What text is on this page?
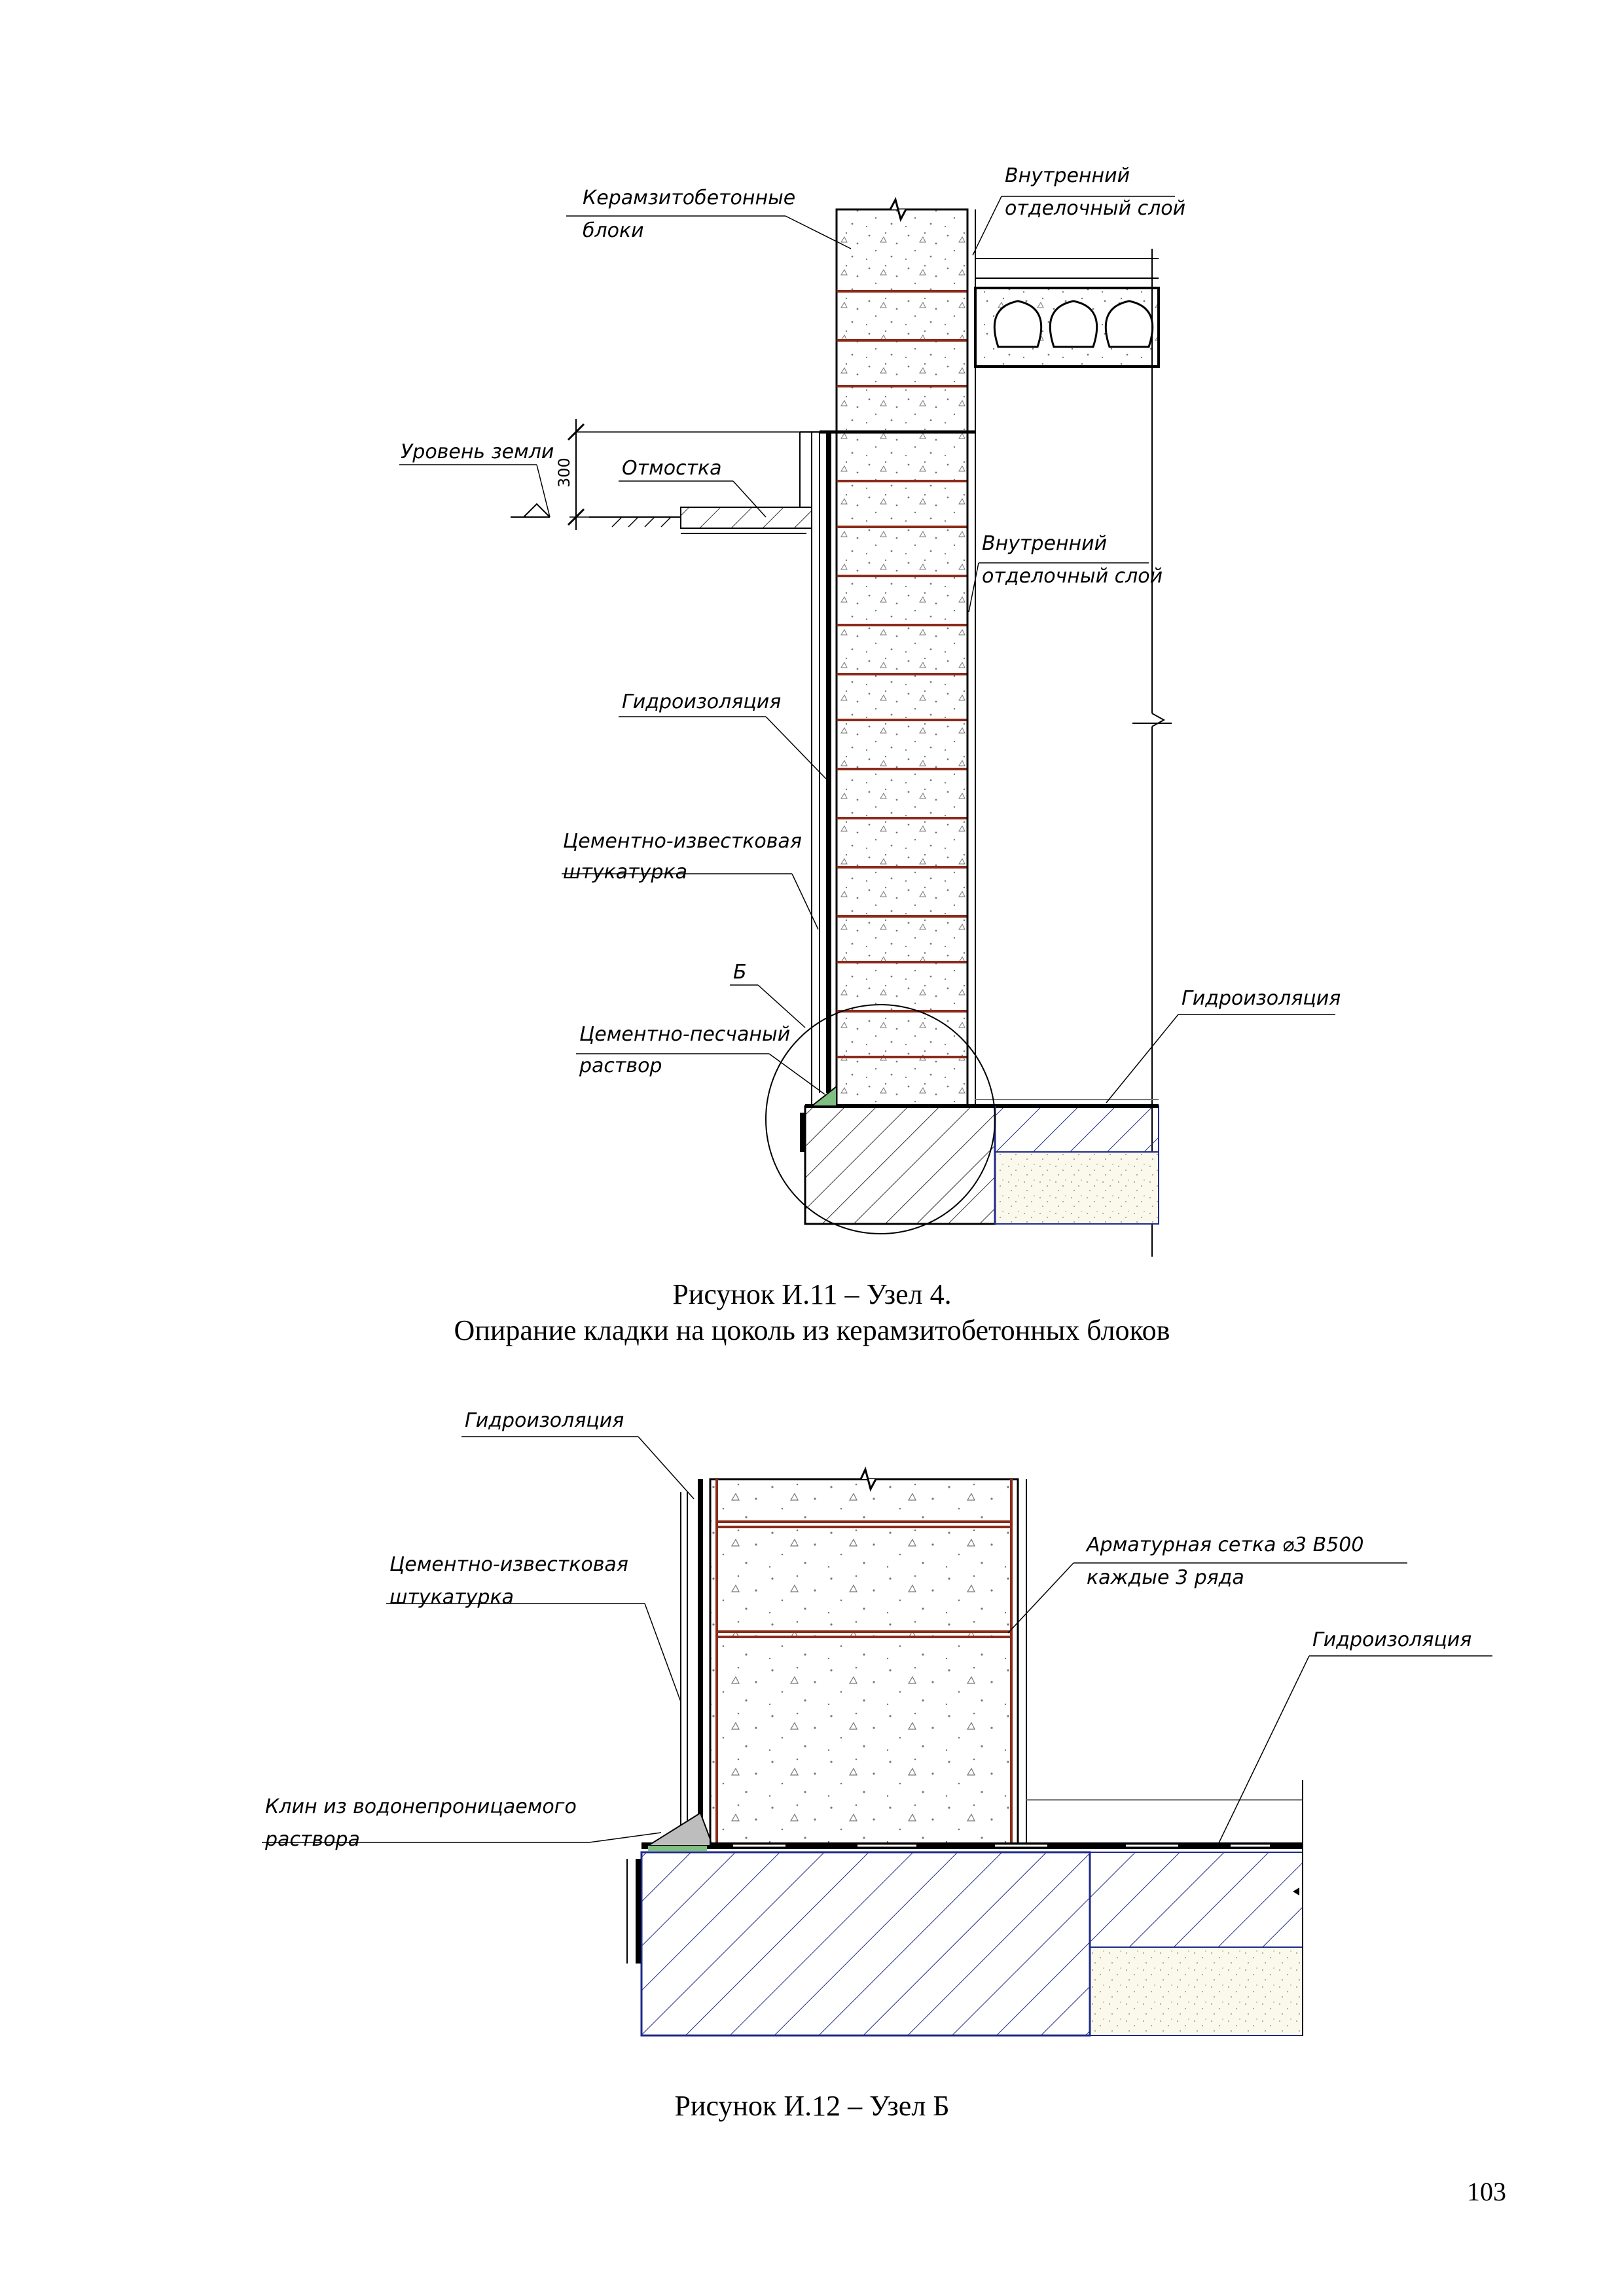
300
Керамзитобетонные
блоки
Внутренний
отделочный слой
Уровень земли
Отмостка
Внутренний
отделочный слой
Гидроизоляция
Цементно-известковая
штукатурка
Б
Цементно-песчаный
раствор
Гидроизоляция
Рисунок И.11 – Узел 4.
Опирание кладки на цоколь из керамзитобетонных блоков
Гидроизоляция
Цементно-известковая
штукатурка
Арматурная сетка ⌀3 В500
каждые 3 ряда
Гидроизоляция
Клин из водонепроницаемого
раствора
Рисунок И.12 – Узел Б
103
